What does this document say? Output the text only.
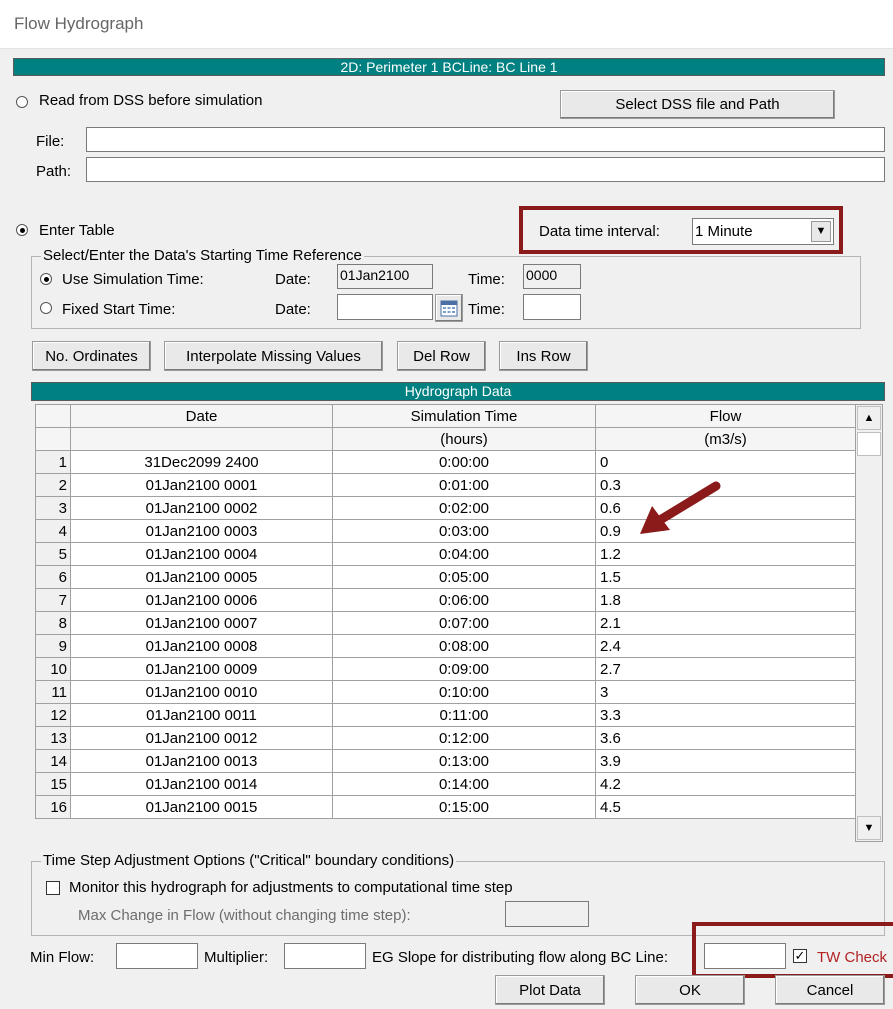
Flow Hydrograph
2D: Perimeter 1 BCLine: BC Line 1
Read from DSS before simulation	Select DSS file and Path
File:
Path:
Enter Table	Data time interval: 1 Minute	▼
Select/Enter the Data's Starting Time Reference
Use Simulation Time:	Date: 01Jan2100	Time: 0000
Fixed Start Time:	Date:	Time:
No. Ordinates	Interpolate Missing Values	Del Row	Ins Row
Hydrograph Data
	Date	Simulation Time	Flow
		(hours)	(m3/s)
1	31Dec2099 2400	0:00:00	0
2	01Jan2100 0001	0:01:00	0.3
3	01Jan2100 0002	0:02:00	0.6
4	01Jan2100 0003	0:03:00	0.9
5	01Jan2100 0004	0:04:00	1.2
6	01Jan2100 0005	0:05:00	1.5
7	01Jan2100 0006	0:06:00	1.8
8	01Jan2100 0007	0:07:00	2.1
9	01Jan2100 0008	0:08:00	2.4
10	01Jan2100 0009	0:09:00	2.7
11	01Jan2100 0010	0:10:00	3
12	01Jan2100 0011	0:11:00	3.3
13	01Jan2100 0012	0:12:00	3.6
14	01Jan2100 0013	0:13:00	3.9
15	01Jan2100 0014	0:14:00	4.2
16	01Jan2100 0015	0:15:00	4.5
▲
▼
Time Step Adjustment Options ("Critical" boundary conditions)
Monitor this hydrograph for adjustments to computational time step
Max Change in Flow (without changing time step):
Min Flow:	Multiplier:	EG Slope for distributing flow along BC Line:	✓ TW Check
Plot Data	OK	Cancel
